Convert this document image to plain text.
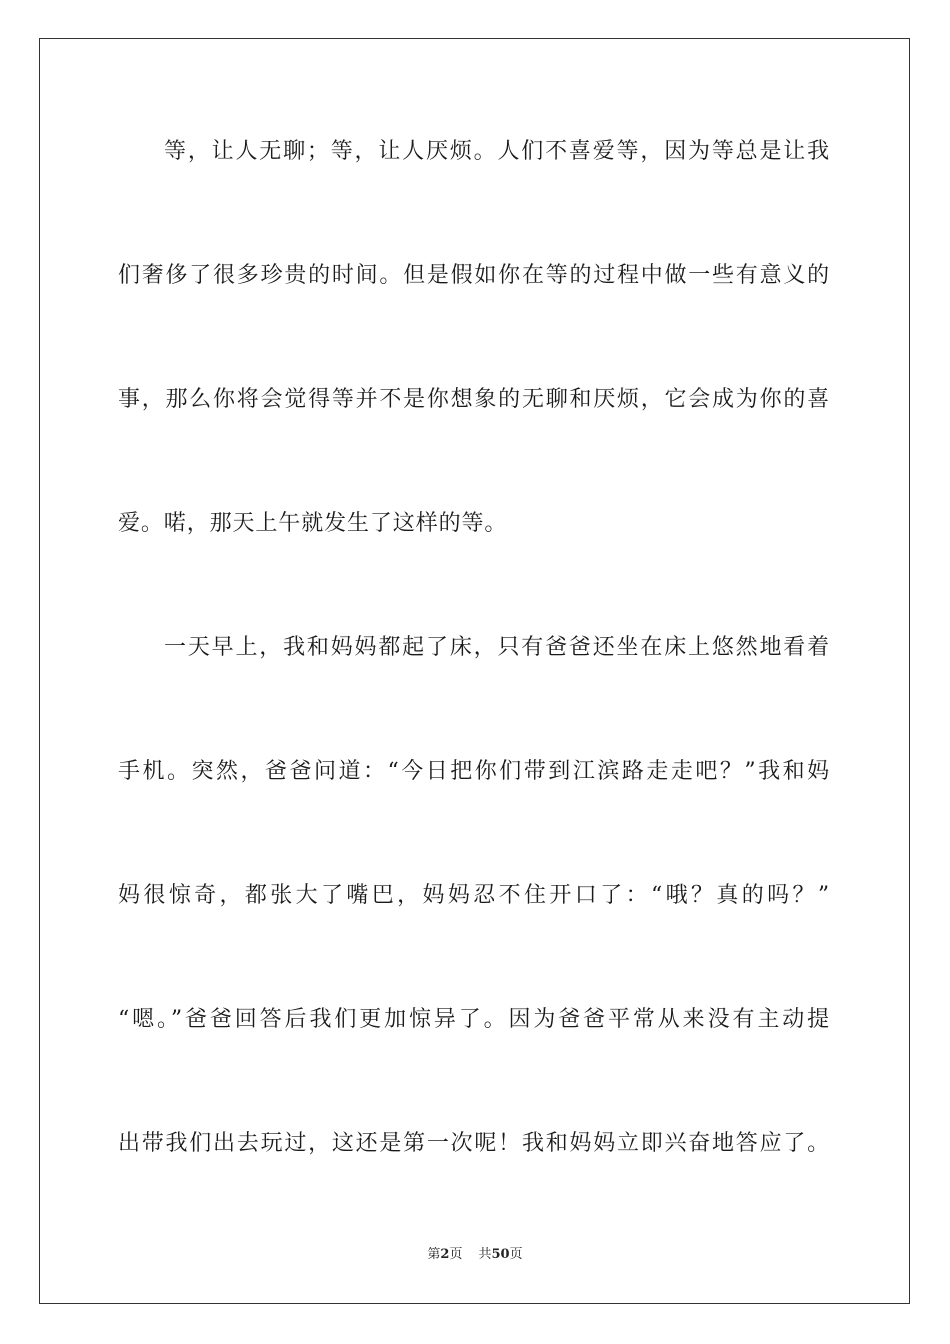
等，让人无聊；等，让人厌烦。人们不喜爱等，因为等总是让我
们奢侈了很多珍贵的时间。但是假如你在等的过程中做一些有意义的
事，那么你将会觉得等并不是你想象的无聊和厌烦，它会成为你的喜
爱。喏，那天上午就发生了这样的等。
一天早上，我和妈妈都起了床，只有爸爸还坐在床上悠然地看着
手机。突然，爸爸问道：“今日把你们带到江滨路走走吧？”我和妈
妈很惊奇，都张大了嘴巴，妈妈忍不住开口了：“哦？真的吗？”
“嗯。”爸爸回答后我们更加惊异了。因为爸爸平常从来没有主动提
出带我们出去玩过，这还是第一次呢！我和妈妈立即兴奋地答应了。
第2页 共50页
